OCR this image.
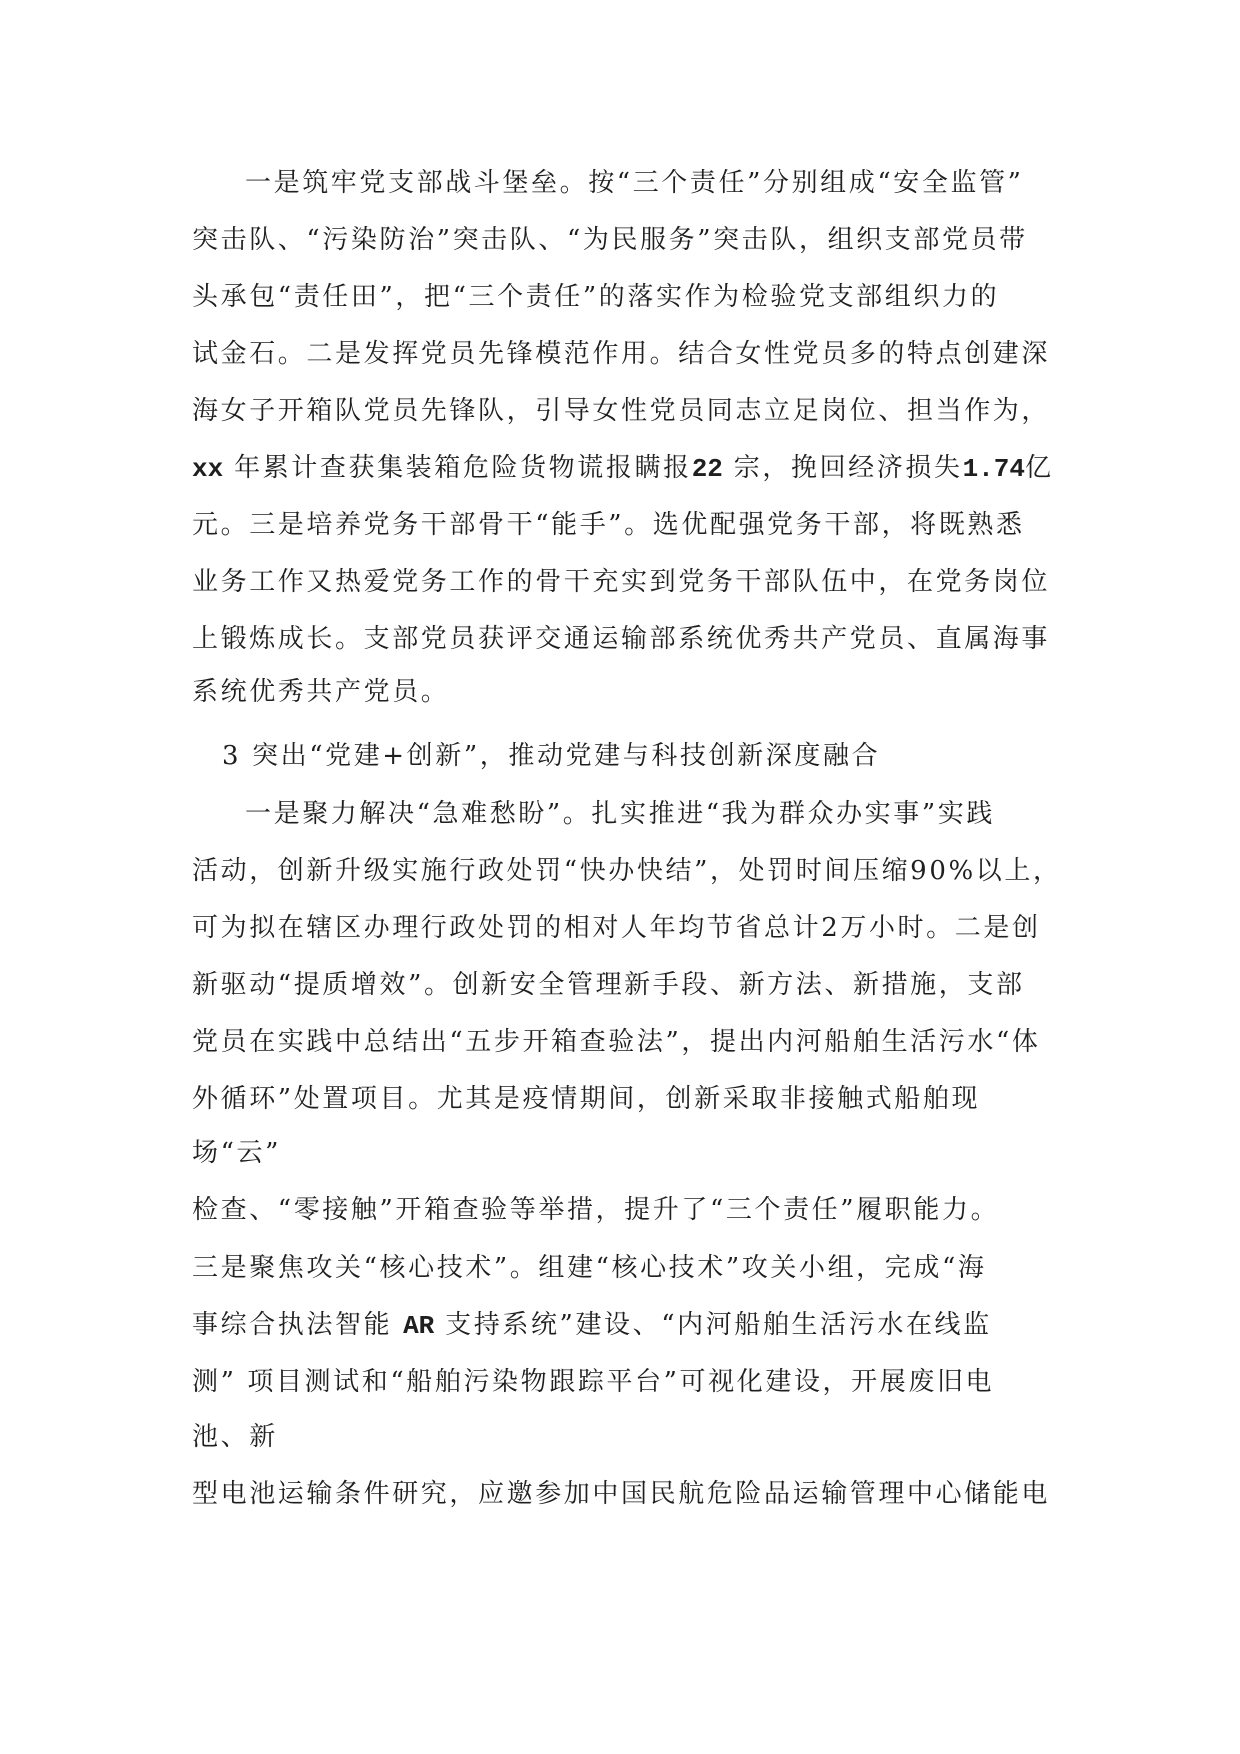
一是筑牢党支部战斗堡垒。按“三个责任”分别组成“安全监管”
突击队、“污染防治”突击队、“为民服务”突击队，组织支部党员带
头承包“责任田”，把“三个责任”的落实作为检验党支部组织力的
试金石。二是发挥党员先锋模范作用。结合女性党员多的特点创建深
海女子开箱队党员先锋队，引导女性党员同志立足岗位、担当作为，
xx 年累计查获集装箱危险货物谎报瞒报22 宗，挽回经济损失1.74亿
元。三是培养党务干部骨干“能手”。选优配强党务干部，将既熟悉
业务工作又热爱党务工作的骨干充实到党务干部队伍中，在党务岗位
上锻炼成长。支部党员获评交通运输部系统优秀共产党员、直属海事
系统优秀共产党员。
3 突出“党建+创新”，推动党建与科技创新深度融合
一是聚力解决“急难愁盼”。扎实推进“我为群众办实事”实践
活动，创新升级实施行政处罚“快办快结”，处罚时间压缩90%以上，
可为拟在辖区办理行政处罚的相对人年均节省总计2万小时。二是创
新驱动“提质增效”。创新安全管理新手段、新方法、新措施，支部
党员在实践中总结出“五步开箱查验法”，提出内河船舶生活污水“体
外循环”处置项目。尤其是疫情期间，创新采取非接触式船舶现
场“云”
检查、“零接触”开箱查验等举措，提升了“三个责任”履职能力。
三是聚焦攻关“核心技术”。组建“核心技术”攻关小组，完成“海
事综合执法智能 AR 支持系统”建设、“内河船舶生活污水在线监
测” 项目测试和“船舶污染物跟踪平台”可视化建设，开展废旧电
池、新
型电池运输条件研究，应邀参加中国民航危险品运输管理中心储能电
